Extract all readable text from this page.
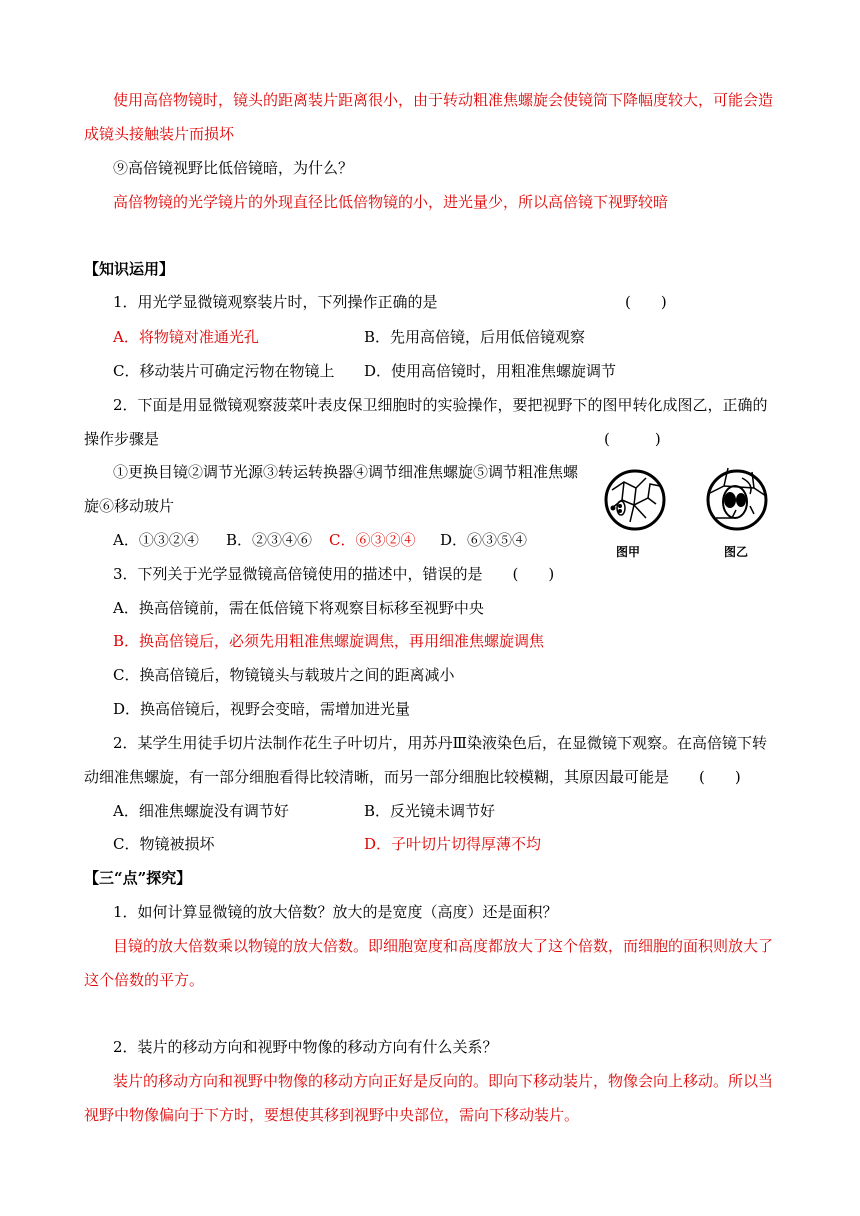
使用高倍物镜时，镜头的距离装片距离很小，由于转动粗准焦螺旋会使镜筒下降幅度较大，可能会造
成镜头接触装片而损坏
⑨高倍镜视野比低倍镜暗，为什么？
高倍物镜的光学镜片的外现直径比低倍物镜的小，进光量少，所以高倍镜下视野较暗
【知识运用】
1．用光学显微镜观察装片时，下列操作正确的是	(　　)
A．将物镜对准通光孔	B．先用高倍镜，后用低倍镜观察
C．移动装片可确定污物在物镜上 D．使用高倍镜时，用粗准焦螺旋调节
2．下面是用显微镜观察菠菜叶表皮保卫细胞时的实验操作，要把视野下的图甲转化成图乙，正确的
操作步骤是	(　　　)
①更换目镜②调节光源③转运转换器④调节细准焦螺旋⑤调节粗准焦螺
旋⑥移动玻片
A．①③②④ B．②③④⑥ C．⑥③②④ D．⑥③⑤④
图甲	图乙
3．下列关于光学显微镜高倍镜使用的描述中，错误的是　　(　　)
A．换高倍镜前，需在低倍镜下将观察目标移至视野中央
B．换高倍镜后，必须先用粗准焦螺旋调焦，再用细准焦螺旋调焦
C．换高倍镜后，物镜镜头与载玻片之间的距离减小
D．换高倍镜后，视野会变暗，需增加进光量
2．某学生用徒手切片法制作花生子叶切片，用苏丹Ⅲ染液染色后，在显微镜下观察。在高倍镜下转
动细准焦螺旋，有一部分细胞看得比较清晰，而另一部分细胞比较模糊，其原因最可能是　　(　　)
A．细准焦螺旋没有调节好	B．反光镜未调节好
C．物镜被损坏	D．子叶切片切得厚薄不均
【三“点”探究】
1．如何计算显微镜的放大倍数？放大的是宽度（高度）还是面积？
目镜的放大倍数乘以物镜的放大倍数。即细胞宽度和高度都放大了这个倍数，而细胞的面积则放大了
这个倍数的平方。
2．装片的移动方向和视野中物像的移动方向有什么关系？
装片的移动方向和视野中物像的移动方向正好是反向的。即向下移动装片，物像会向上移动。所以当
视野中物像偏向于下方时，要想使其移到视野中央部位，需向下移动装片。
